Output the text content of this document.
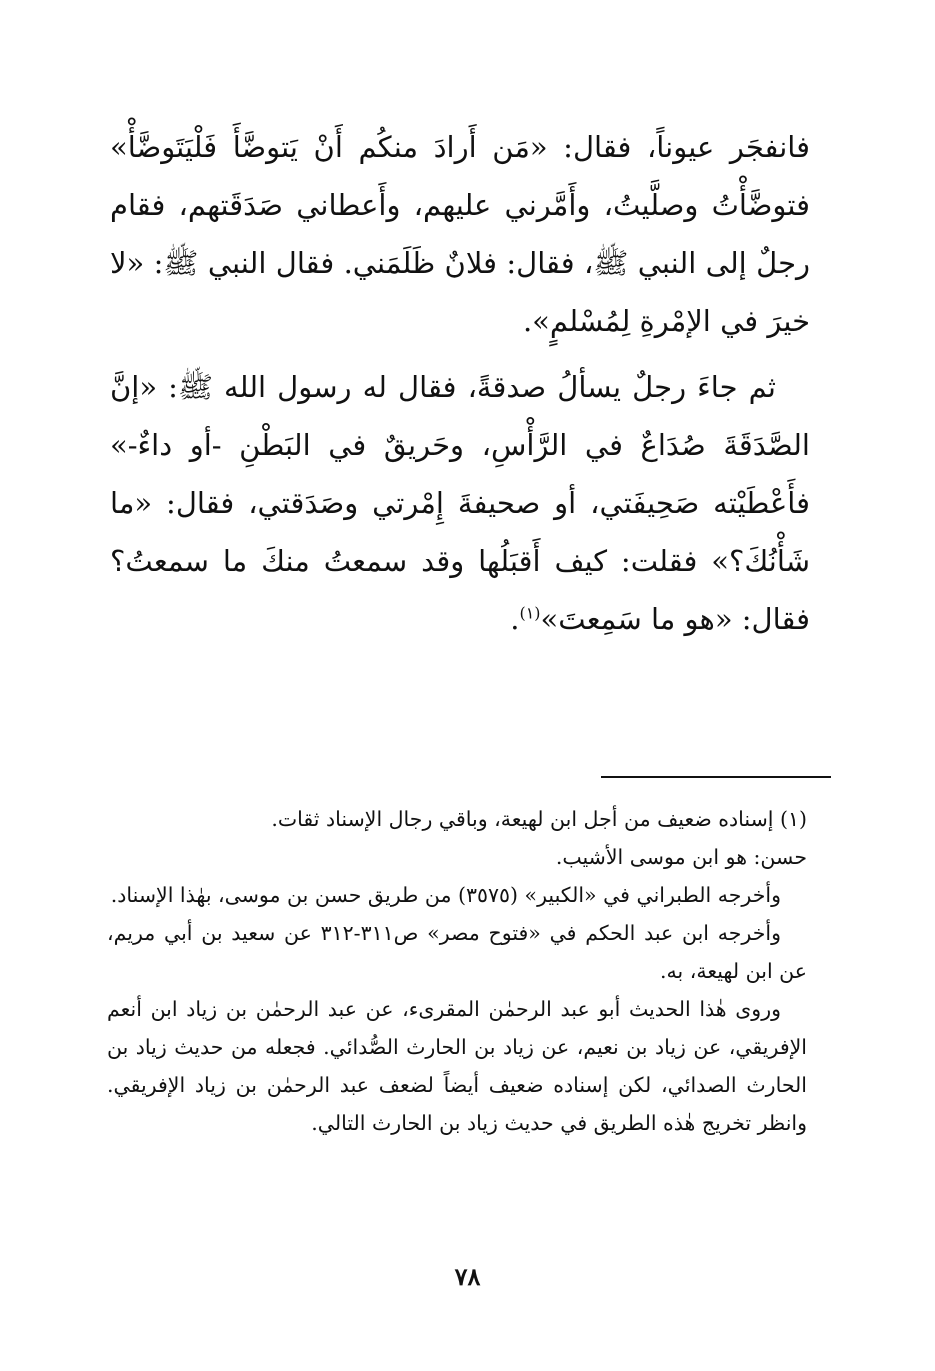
فانفجَر عيوناً، فقال: «مَن أَرادَ منكُم أَنْ يَتوضَّأَ فَلْيَتَوضَّأْ» فتوضَّأْتُ وصلَّيتُ، وأَمَّرني عليهم، وأَعطاني صَدَقَتهم، فقام رجلٌ إلى النبي ﷺ، فقال: فلانٌ ظَلَمَني. فقال النبي ﷺ: «لا خيرَ في الإمْرةِ لِمُسْلمٍ».

ثم جاءَ رجلٌ يسألُ صدقةً، فقال له رسول الله ﷺ: «إنَّ الصَّدَقَةَ صُدَاعٌ في الرَّأْسِ، وحَريقٌ في البَطْنِ -أو داءٌ-» فأَعْطَيْته صَحِيفَتي، أو صحيفةَ إِمْرتي وصَدَقتي، فقال: «ما شَأْنُكَ؟» فقلت: كيف أَقبَلُها وقد سمعتُ منكَ ما سمعتُ؟ فقال: «هو ما سَمِعتَ»$^{(١)}$.

(١) إسناده ضعيف من أجل ابن لهيعة، وباقي رجال الإسناد ثقات.

حسن: هو ابن موسى الأشيب.

وأخرجه الطبراني في «الكبير» (٣٥٧٥) من طريق حسن بن موسى، بهٰذا الإسناد.

وأخرجه ابن عبد الحكم في «فتوح مصر» ص٣١١-٣١٢ عن سعيد بن أبي مريم، عن ابن لهيعة، به.

وروى هٰذا الحديث أبو عبد الرحمٰن المقرىء، عن عبد الرحمٰن بن زياد ابن أنعم الإفريقي، عن زياد بن نعيم، عن زياد بن الحارث الصُّدائي. فجعله من حديث زياد بن الحارث الصدائي، لكن إسناده ضعيف أيضاً لضعف عبد الرحمٰن بن زياد الإفريقي. وانظر تخريج هٰذه الطريق في حديث زياد بن الحارث التالي.

٧٨
